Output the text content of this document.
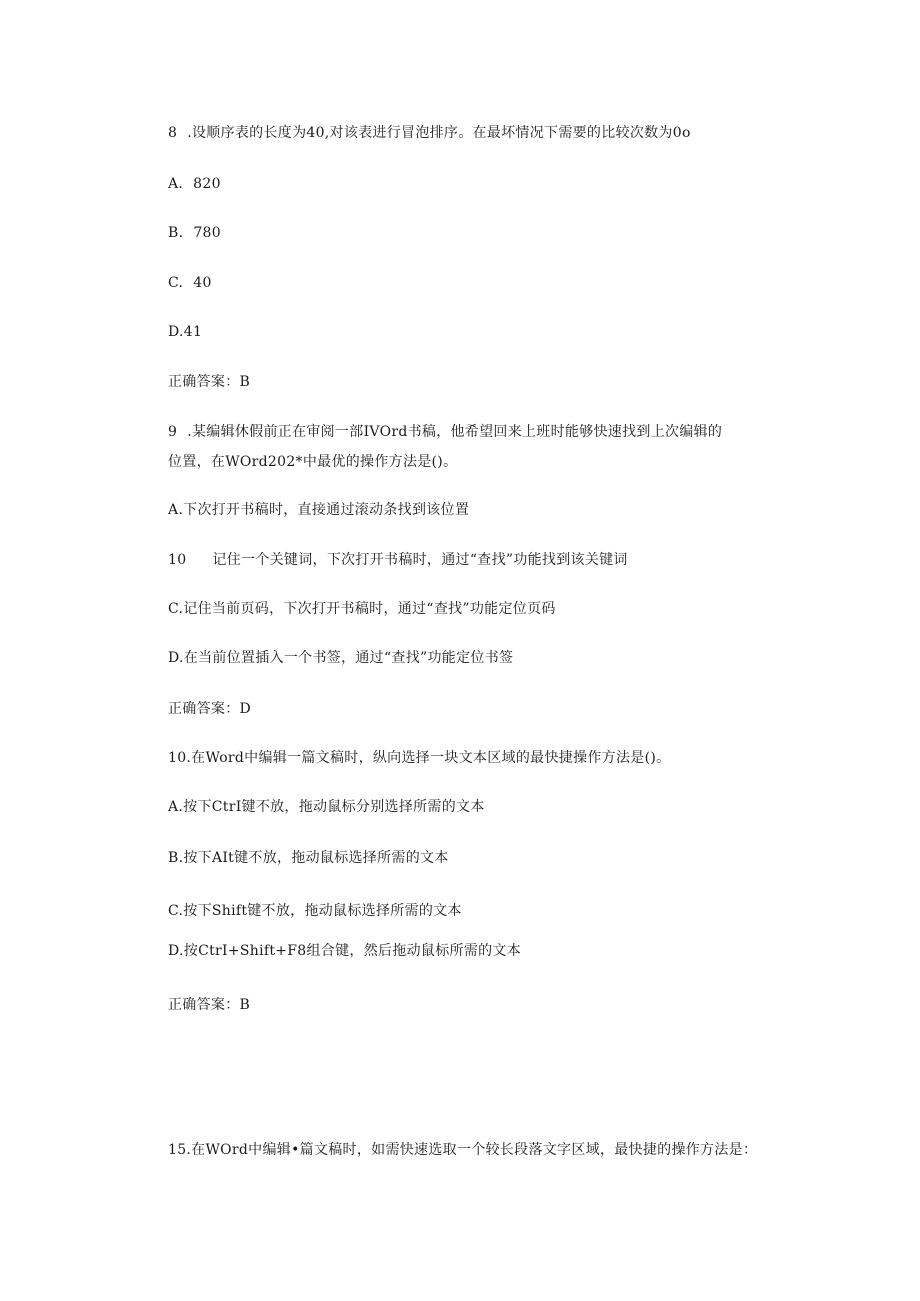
8 .设顺序表的长度为40,对该表进行冒泡排序。在最坏情况下需要的比较次数为0o
A. 820
B. 780
C. 40
D.41
正确答案：B
9 .某编辑休假前正在审阅一部IVOrd书稿，他希望回来上班时能够快速找到上次编辑的
位置，在WOrd202*中最优的操作方法是()。
A.下次打开书稿时，直接通过滚动条找到该位置
10 记住一个关键词，下次打开书稿时，通过“查找”功能找到该关键词
C.记住当前页码，下次打开书稿时，通过“查找”功能定位页码
D.在当前位置插入一个书签，通过“查找”功能定位书签
正确答案：D
10.在Word中编辑一篇文稿时，纵向选择一块文本区域的最快捷操作方法是()。
A.按下CtrI键不放，拖动鼠标分别选择所需的文本
B.按下AIt键不放，拖动鼠标选择所需的文本
C.按下Shift键不放，拖动鼠标选择所需的文本
D.按CtrI+Shift+F8组合键，然后拖动鼠标所需的文本
正确答案：B
15.在WOrd中编辑•篇文稿时，如需快速选取一个较长段落文字区域，最快捷的操作方法是：
